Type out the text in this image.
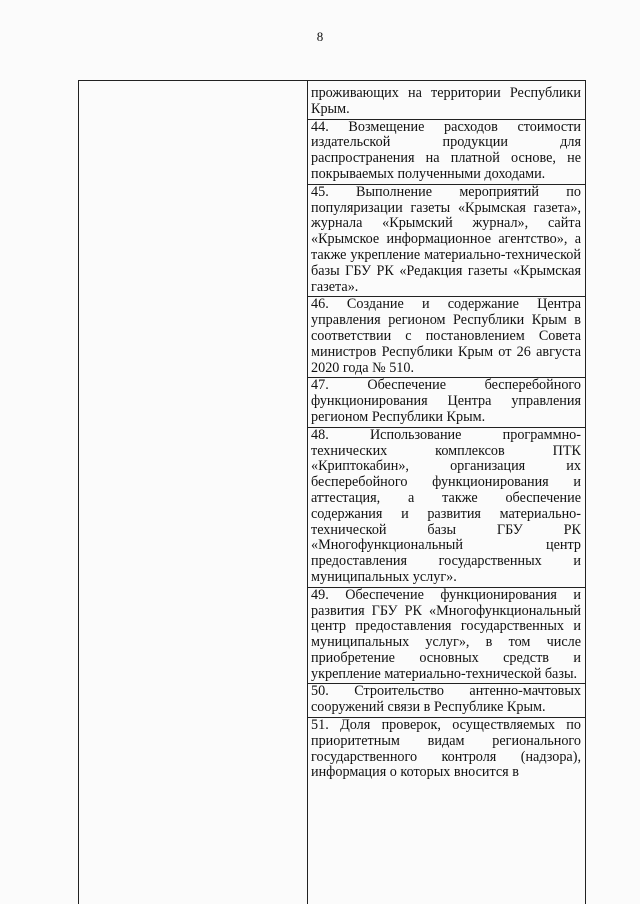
8
проживающих на территории Республики Крым.
44. Возмещение расходов стоимости издательской продукции для распространения на платной основе, не покрываемых полученными доходами.
45. Выполнение мероприятий по популяризации газеты «Крымская газета», журнала «Крымский журнал», сайта «Крымское информационное агентство», а также укрепление материально-технической базы ГБУ РК «Редакция газеты «Крымская газета».
46. Создание и содержание Центра управления регионом Республики Крым в соответствии с постановлением Совета министров Республики Крым от 26 августа 2020 года № 510.
47. Обеспечение бесперебойного функционирования Центра управления регионом Республики Крым.
48. Использование программно-технических комплексов ПТК «Криптокабин», организация их бесперебойного функционирования и аттестация, а также обеспечение содержания и развития материально-технической базы ГБУ РК «Многофункциональный центр предоставления государственных и муниципальных услуг».
49. Обеспечение функционирования и развития ГБУ РК «Многофункциональный центр предоставления государственных и муниципальных услуг», в том числе приобретение основных средств и укрепление материально-технической базы.
50. Строительство антенно-мачтовых сооружений связи в Республике Крым.
51. Доля проверок, осуществляемых по приоритетным видам регионального государственного контроля (надзора), информация о которых вносится в
